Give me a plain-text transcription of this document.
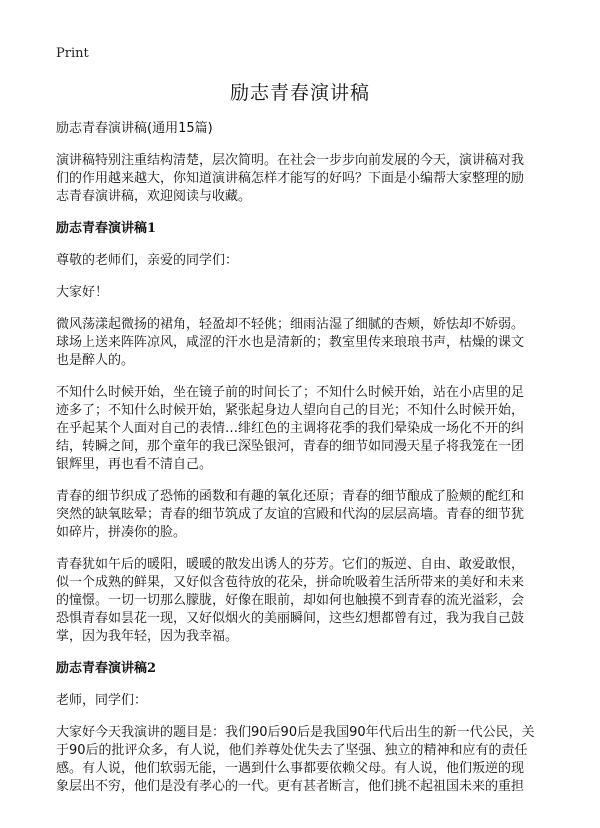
Print
励志青春演讲稿
励志青春演讲稿(通用15篇)
演讲稿特别注重结构清楚，层次简明。在社会一步步向前发展的今天，演讲稿对我
们的作用越来越大，你知道演讲稿怎样才能写的好吗？下面是小编帮大家整理的励
志青春演讲稿，欢迎阅读与收藏。
励志青春演讲稿1
尊敬的老师们，亲爱的同学们：
大家好！
微风荡漾起微扬的裙角，轻盈却不轻佻；细雨沾湿了细腻的杏颊，娇怯却不娇弱。
球场上送来阵阵凉风，咸涩的汗水也是清新的；教室里传来琅琅书声，枯燥的课文
也是醉人的。
不知什么时候开始，坐在镜子前的时间长了；不知什么时候开始，站在小店里的足
迹多了；不知什么时候开始，紧张起身边人望向自己的目光；不知什么时候开始，
在乎起某个人面对自己的表情…绯红色的主调将花季的我们晕染成一场化不开的纠
结，转瞬之间，那个童年的我已深坠银河，青春的细节如同漫天星子将我笼在一团
银辉里，再也看不清自己。
青春的细节织成了恐怖的函数和有趣的氧化还原；青春的细节酿成了脸颊的酡红和
突然的缺氧眩晕；青春的细节筑成了友谊的宫殿和代沟的层层高墙。青春的细节犹
如碎片，拼凑你的脸。
青春犹如午后的暖阳，暖暖的散发出诱人的芬芳。它们的叛逆、自由、敢爱敢恨，
似一个成熟的鲜果，又好似含苞待放的花朵，拼命吮吸着生活所带来的美好和未来
的憧憬。一切一切那么朦胧，好像在眼前，却如何也触摸不到青春的流光溢彩，会
恐惧青春如昙花一现，又好似烟火的美丽瞬间，这些幻想都曾有过，我为我自己鼓
掌，因为我年轻，因为我幸福。
励志青春演讲稿2
老师，同学们：
大家好今天我演讲的题目是：我们90后90后是我国90年代后出生的新一代公民，关
于90后的批评众多，有人说，他们养尊处优失去了坚强、独立的精神和应有的责任
感。有人说，他们软弱无能，一遇到什么事都要依赖父母。有人说，他们叛逆的现
象层出不穷，他们是没有孝心的一代。更有甚者断言，他们挑不起祖国未来的重担
